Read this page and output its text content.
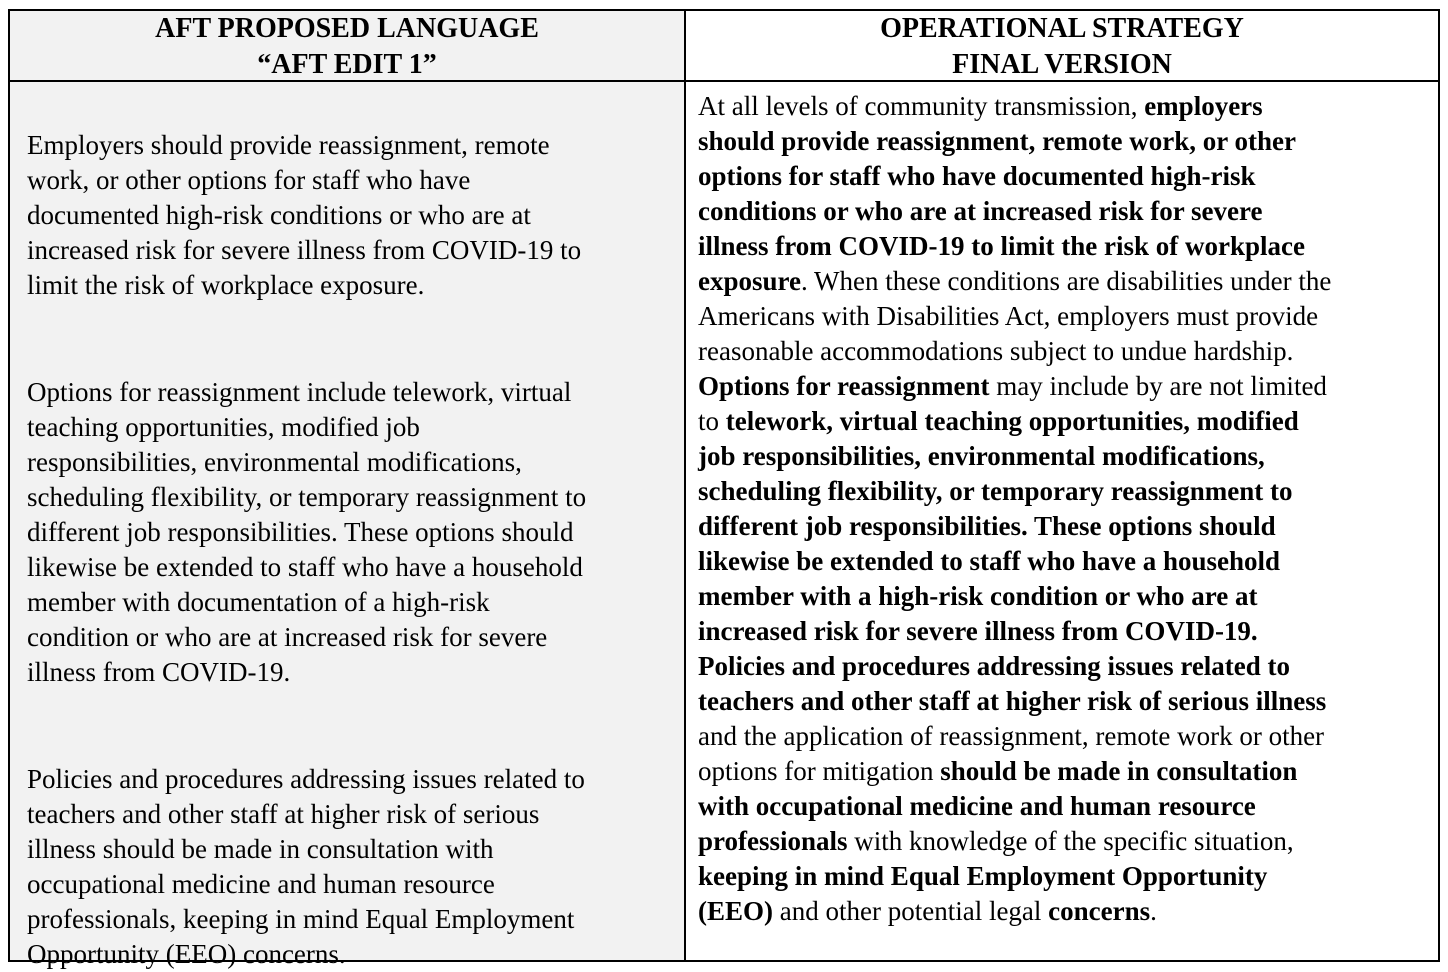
AFT PROPOSED LANGUAGE
“AFT EDIT 1”
OPERATIONAL STRATEGY
FINAL VERSION
Employers should provide reassignment, remote
work, or other options for staff who have
documented high-risk conditions or who are at
increased risk for severe illness from COVID-19 to
limit the risk of workplace exposure.
Options for reassignment include telework, virtual
teaching opportunities, modified job
responsibilities, environmental modifications,
scheduling flexibility, or temporary reassignment to
different job responsibilities. These options should
likewise be extended to staff who have a household
member with documentation of a high-risk
condition or who are at increased risk for severe
illness from COVID-19.
Policies and procedures addressing issues related to
teachers and other staff at higher risk of serious
illness should be made in consultation with
occupational medicine and human resource
professionals, keeping in mind Equal Employment
Opportunity (EEO) concerns.
At all levels of community transmission, employers
should provide reassignment, remote work, or other
options for staff who have documented high-risk
conditions or who are at increased risk for severe
illness from COVID-19 to limit the risk of workplace
exposure. When these conditions are disabilities under the
Americans with Disabilities Act, employers must provide
reasonable accommodations subject to undue hardship.
Options for reassignment may include by are not limited
to telework, virtual teaching opportunities, modified
job responsibilities, environmental modifications,
scheduling flexibility, or temporary reassignment to
different job responsibilities. These options should
likewise be extended to staff who have a household
member with a high-risk condition or who are at
increased risk for severe illness from COVID-19.
Policies and procedures addressing issues related to
teachers and other staff at higher risk of serious illness
and the application of reassignment, remote work or other
options for mitigation should be made in consultation
with occupational medicine and human resource
professionals with knowledge of the specific situation,
keeping in mind Equal Employment Opportunity
(EEO) and other potential legal concerns.
